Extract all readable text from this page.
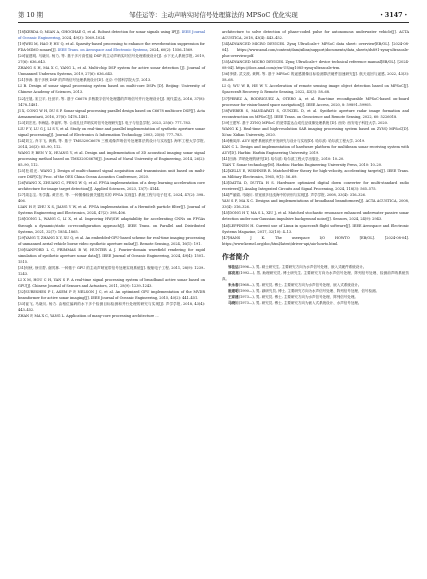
第 10 期	邹佳运等：主动声呐实时信号处理算法的 MPSoC 优化实现	・3147・

[18]KERDA O, MIAN A, GHOGHAE G, et al. Robust detection for sonar signals using IP[J]. IEEE Journal of Oceanic Engineering, 2024, 49(3): 1069–1024

[19]WEI M, HAO P, HU Q, et al. Sparsity-based processing to enhance the reverberation suppression for FDA-MIMO sonars[J]. IEEE Trans. on Aerospace and Electronic Systems, 2024, 60(2): 1556–1569.

[20]崔建明, 马晓川, 杨力, 等. 基于多片高性能 DSP 的主动声呐实时信号处理系统设计[J]. 水下无人系统学报, 2019, 27(6): 636–643.

ZHANG S H, MA X C, YANG L, et al. Multi-chip DSP system for active sonar detection [J]. Journal of Unmanned Undersea Systems, 2019, 27(6): 636–643.

[21]李涛. 基于多核 DSP 的声呐信号处理系统设计[D]. 北京: 中国科学院大学, 2013.

LI B. Design of sonar signal processing system based on multi-core DSPs [D]. Beijing: University of Chinese Academy of Sciences, 2013.

[22]汪展, 宋卫平, 杜世平, 等. 基于 C6678 多核数字信号处理器的声呐信号并行处理设计[J]. 现代雷达, 2016, 37(8): 1478–1481.

JI X, CONG W H, DU S P. Sonar signal processing parallel design based on C6678 multicore DSP[J]. Acta Armamentarii, 2016, 37(8): 1478–1481.

[23]刘宏亮, 李海陆, 李福军, 等. 合成孔径声呐实时信号处理研究[J]. 电子与信息学报, 2023, 25(6): 777–783.

LIU F Y, LU G J, LI S Y, et al. Study on real-time and parallel implementation of synthetic aperture sonar signal processing[J]. Journal of Electronics & Information Technology, 2003, 25(6): 777–783.

[24]刘立, 肖宇飞, 黄鹤, 等. 基于 TMS320C6678 三维成像声呐信号处理算法的设计与实现[J]. 海军工程大学学报, 2014, 26(3): 85–90, 112.

WANG P, BEN Y X, HUANG Y, et al. Design and implementation of 3D acoustical imaging sonar signal processing method based on TMS320C6678[J]. Journal of Naval University of Engineering, 2014, 26(2): 85–90, 112.

[25]杜叔光. WANG J. Design of multi-channel signal acquisition and transmission unit based on multi-core DSP[C]// Proc. of the OES China Ocean Acoustics Conference, 2020.

[26]WANG X, ZHUANG C, FENG W Q, et al. FPGA implementation of a deep learning acceleration core architecture for image target detection[J]. Applied Sciences, 2023, 13(7): 4144.

[27]周志宝, 朱学鑫, 黄宏亮, 等. 一种图像检测关键技术的 FPGA 实现[J]. 系统工程与电子技术, 2024, 47(2): 398–406.

LIAN H F, ZHU X S, JIANG Y W, et al. FPGA implementation of a Hermitelt particle filter[J]. Journal of Systems Engineering and Electronics, 2024, 47(2): 398–406.

[28]GONG L, WANG C, LI X, et al. Improving HW/SW adaptability for accelerating CNNs on FPGAs through a dynamic/static co-reconfiguration approach[J]. IEEE Trans. on Parallel and Distributed Systems, 2021, 32(7): 1854–1865.

[29]YANG T, ZHANG X Y, XU Q, et al. An embedded-GPU-based scheme for real-time imaging processing of unmanned aerial vehicle borne video synthetic aperture radar[J]. Remote Sensing, 2024, 16(1): 191.

[30]SANFORD L C, FRIMMAS B W, HUNTER A J. Fourier-domain wavefield rendering for rapid simulation of synthetic aperture sonar data[J]. IEEE Journal of Oceanic Engineering, 2024, 49(4): 1501–1515.

[31]何秋, 徐宗帮, 谢茂林. 一种基于 GPU 的主动声呐宽带信号处理实现系统[J]. 舰船电子工程, 2011, 28(9): 1239–1243.

LI X M, HOU C H, YAN S F. A real-time signal processing system of broadband active sonar based on GPU[J]. Chinese Journal of Sensors and Actuators, 2011, 28(9): 1239–1243.

[32]SURESHES P I, ASEM P P, NELSON J C, et al. An optimized GPU implementation of the MVDR beamformer for active sonar imaging[J]. IEEE Journal of Oceanic Engineering, 2015, 40(2): 441–451.

[33]崔飞, 马晓川, 杨力. 由相位编码的水下多个检测目标检测和并行处理的研究与实现[J]. 声学学报, 2018, 43(4): 443–452.

ZHAN F, MA X C, YANG L. Application of many-core processing architecture ...

architecture to solve detection of phase-coded pulse for autonomous underwater vehicle[J]. ACTA ACUSTICA, 2018, 43(4): 443–452.

[34]ADVANCED MICRO DEVICES. Zynq UltraScale+ MPSoC data sheet: overview[EB/OL]. [2024-08-04]. https://www.amd.com/content/dam/xilinx/support/documents/data_sheets/ds891-zynq-ultrascale-plus-overview.pdf.

[35]ADVANCED MICRO DEVICES. Zynq UltraScale+ device technical reference manual[EB/OL]. [2024-08-04]. https://docs.amd.com/r/en-US/ug1085-zynq-ultrascale-trm.

[36]李倩, 武文波, 黄辉, 等. 基于 MPSoC 的遥感图像目标检测算法硬件加速研究[J]. 航天返回与遥感, 2022, 43(3): 58–68.

LI Q, WU W B, HE W Y. Acceleration of remote sensing image object detection based on MPSoC[J]. Spacecraft Recovery & Remote Sensing, 2022, 43(3): 58–68.

[37]PEREZ A, RODRIGUEZ A, OTERO A, et al. Run-time reconfigurable MPSoC-based on-board processor for vision-based space navigation[J]. IEEE Access, 2020, 8: 59891–59905.

[38]WEBER S, MANDAPATI S, GUNZEL D, et al. Synthetic aperture radar image formation and reconstruction on MPSoC[J]. IEEE Trans. on Geoscience and Remote Sensing, 2022, 60: 5226018.

[39]王建军. 基于 ZYNQ MPSoC 的宽带雷达合成孔径成像处理系统 [D]. 西安: 西安电子科技大学, 2020.

WANG K J. Real-time and high-resolution SAR imaging processing system based on ZYNQ MPSoC[D]. Xi'an: Xidian University, 2020.

[40]赖凤萍. AUV 硬件系统软件开发研究与设计与实现[D]. 哈尔滨: 哈尔滨工程大学, 2019.

KAN C L. Design and implementation of hardware platform for multibeam sonar receiving system with AUV[D]. Harbin: Harbin Engineering University, 2019.

[41]田涛. 声呐处理的研究[D]. 哈尔滨: 哈尔滨工程大学出版社, 2010: 10–20.

TIAN T. Sonar technology[M]. Harbin: Harbin Engineering University Press, 2010: 10–20.

[42]KELLY E, WISHNER R. Matched-filter theory for high-velocity, accelerating targets[J]. IEEE Trans. on Military Electronics, 1965, 9(1): 56–69.

[43]DATTA D, DUTTA H S. Hardware optimized digital down converter for multi-standard radio receivers[J]. Analog Integrated Circuits and Signal Processing, 2024, 118(3): 565–575.

[44]严丽娟, 马晓川. 常宽被多径浅海中的识别与实现[J]. 声学学报, 2008, 33(4): 316–326.

YAN S F, MA X C. Designs and implementations of broadband beamformers[J]. ACTA ACUSTICA, 2008, 33(4): 316–326.

[45]DONG H T, MA S L, XIU J, et al. Matched stochastic resonance enhanced underwater passive sonar detection under non-Gaussian impulsive background noise[J]. Sensors, 2024, 24(9): 2943.

[46]LEPPINEN H. Current use of Linux in spacecraft flight software[J]. IEEE Aerospace and Electronic Systems Magazine, 2017, 32(10): 4–13.

[47]HANS J K. The userspace I/O HOWTO [EB/OL]. [2024-08-04]. https://www.kernel.org/doc/html/latest/driver-api/uio-howto.html.

作者简介

邹佳运(1996—), 男, 硕士研究生, 主要研究方向为水声信号处理、嵌入式硬件系统设计。

邵亮亮(1992—), 男, 助理研究员, 博士研究生, 主要研究方向为水声信号处理、阵列信号处理、检测前声呐系统仿真。

朱永春(1968—), 男, 研究员, 博士, 主要研究方向为水声信号处理、嵌入式系统设计。

崔建明(1990—), 男, 副研究员, 博士, 主要研究方向为水声信号处理、阵列信号处理、信号检测。

王家建(1973—), 男, 研究员, 博士, 主要研究方向为水声信号处理、阵列信号处理。

马晓川(1973—), 男, 研究员, 博士, 主要研究方向为嵌入式系统设计、水声信号处理。
